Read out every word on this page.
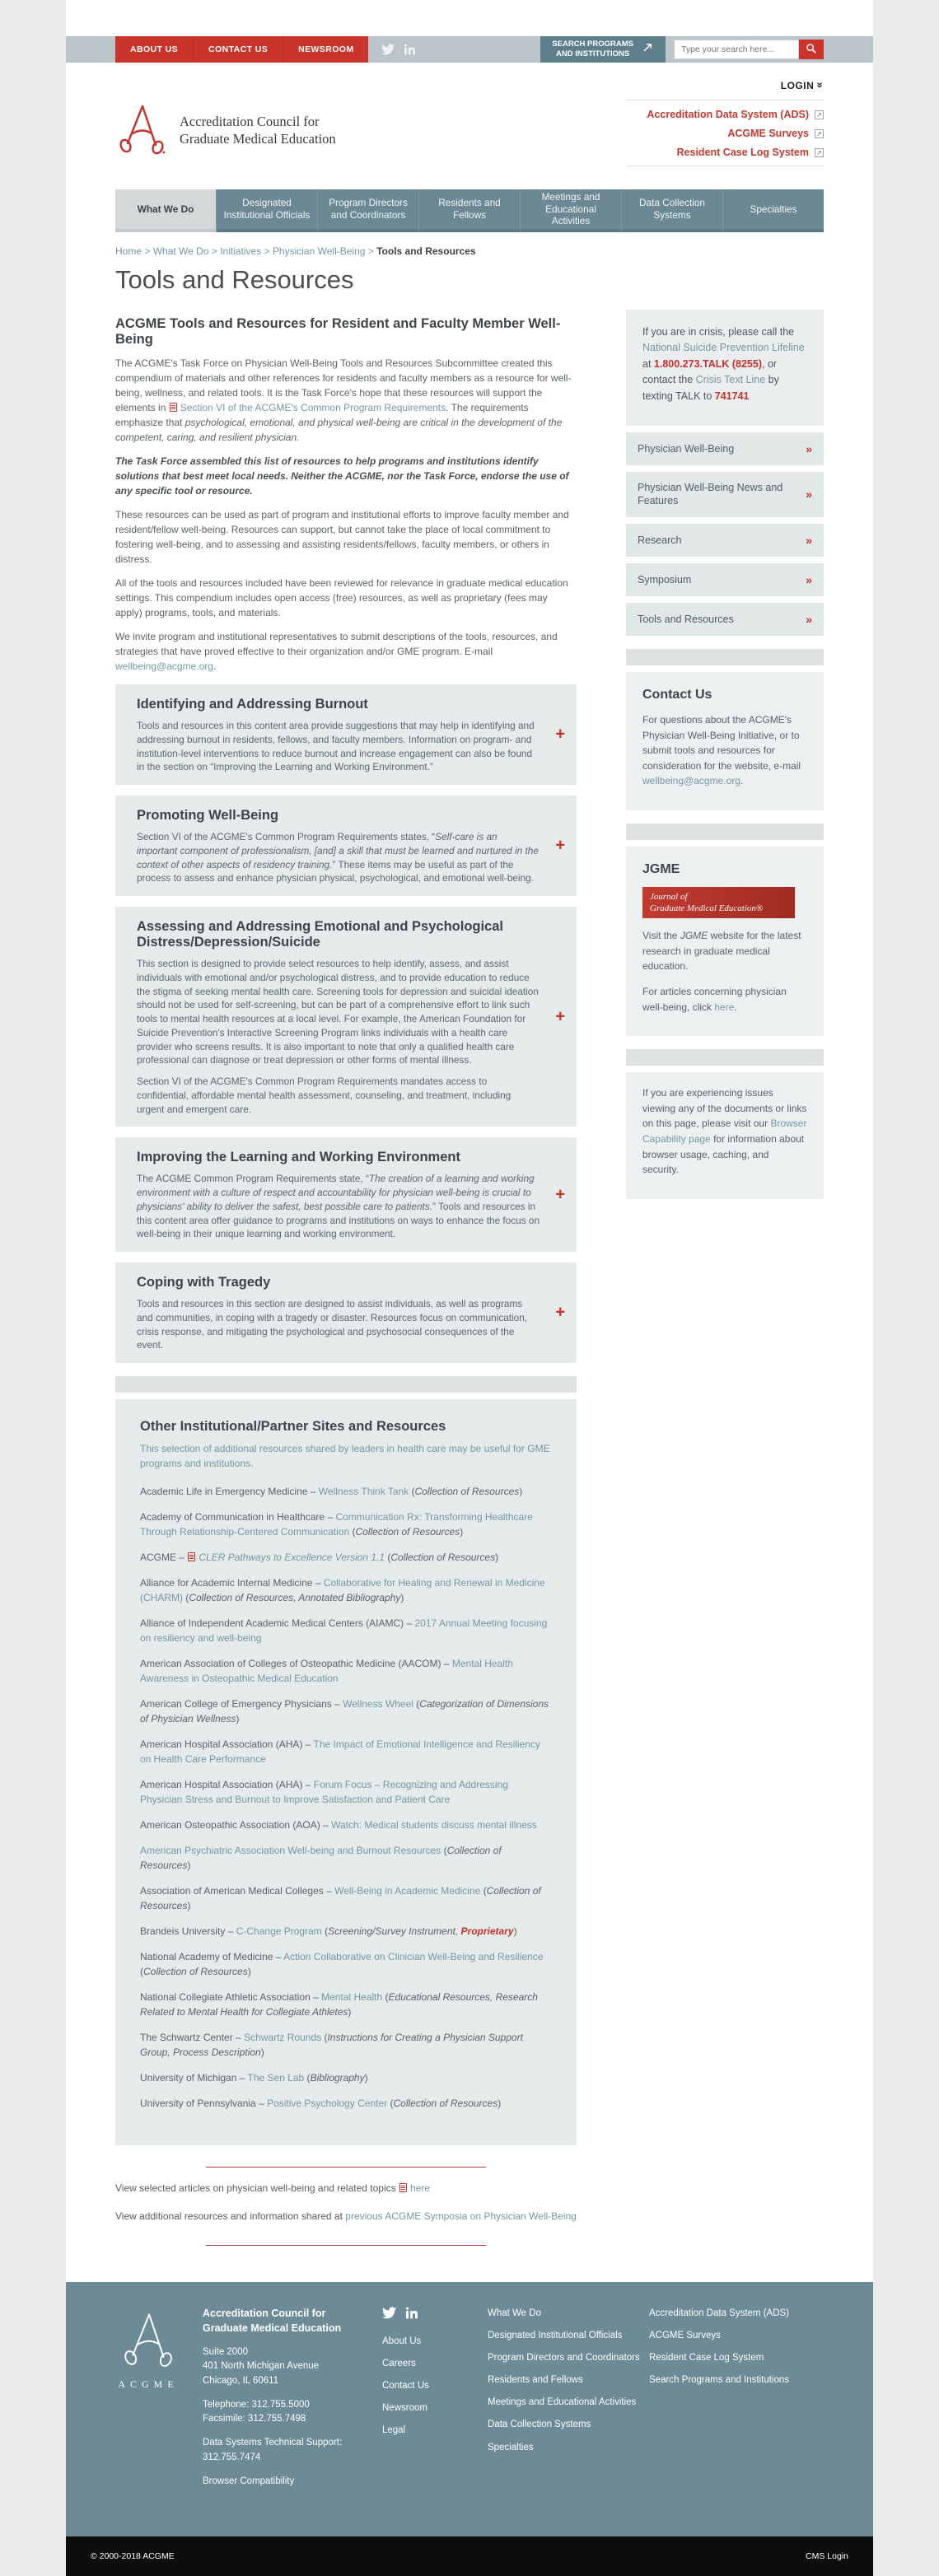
ABOUT US	CONTACT US	NEWSROOM
SEARCH PROGRAMS
AND INSTITUTIONS
Type your search here...
Accreditation Council for
Graduate Medical Education
LOGIN»
Accreditation Data System (ADS) ↗
ACGME Surveys ↗
Resident Case Log System ↗
What We Do
Designated Institutional Officials
Program Directors and Coordinators
Residents and Fellows
Meetings and Educational Activities
Data Collection Systems
Specialties
Home > What We Do > Initiatives > Physician Well-Being > Tools and Resources
Tools and Resources
ACGME Tools and Resources for Resident and Faculty Member Well-Being

The ACGME's Task Force on Physician Well-Being Tools and Resources Subcommittee created this compendium of materials and other references for residents and faculty members as a resource for well-being, wellness, and related tools. It is the Task Force's hope that these resources will support the elements in Section VI of the ACGME's Common Program Requirements. The requirements emphasize that psychological, emotional, and physical well-being are critical in the development of the competent, caring, and resilient physician.

The Task Force assembled this list of resources to help programs and institutions identify solutions that best meet local needs. Neither the ACGME, nor the Task Force, endorse the use of any specific tool or resource.

These resources can be used as part of program and institutional efforts to improve faculty member and resident/fellow well-being. Resources can support, but cannot take the place of local commitment to fostering well-being, and to assessing and assisting residents/fellows, faculty members, or others in distress.

All of the tools and resources included have been reviewed for relevance in graduate medical education settings. This compendium includes open access (free) resources, as well as proprietary (fees may apply) programs, tools, and materials.

We invite program and institutional representatives to submit descriptions of the tools, resources, and strategies that have proved effective to their organization and/or GME program. E-mail wellbeing@acgme.org.

Identifying and Addressing Burnout

Tools and resources in this content area provide suggestions that may help in identifying and addressing burnout in residents, fellows, and faculty members. Information on program- and institution-level interventions to reduce burnout and increase engagement can also be found in the section on “Improving the Learning and Working Environment.”

+
Promoting Well-Being

Section VI of the ACGME's Common Program Requirements states, “Self-care is an important component of professionalism, [and] a skill that must be learned and nurtured in the context of other aspects of residency training.” These items may be useful as part of the process to assess and enhance physician physical, psychological, and emotional well-being.

+
Assessing and Addressing Emotional and Psychological Distress/Depression/Suicide

This section is designed to provide select resources to help identify, assess, and assist individuals with emotional and/or psychological distress, and to provide education to reduce the stigma of seeking mental health care. Screening tools for depression and suicidal ideation should not be used for self-screening, but can be part of a comprehensive effort to link such tools to mental health resources at a local level. For example, the American Foundation for Suicide Prevention's Interactive Screening Program links individuals with a health care provider who screens results. It is also important to note that only a qualified health care professional can diagnose or treat depression or other forms of mental illness.

Section VI of the ACGME's Common Program Requirements mandates access to confidential, affordable mental health assessment, counseling, and treatment, including urgent and emergent care.

+
Improving the Learning and Working Environment

The ACGME Common Program Requirements state, “The creation of a learning and working environment with a culture of respect and accountability for physician well-being is crucial to physicians' ability to deliver the safest, best possible care to patients.” Tools and resources in this content area offer guidance to programs and institutions on ways to enhance the focus on well-being in their unique learning and working environment.

+
Coping with Tragedy

Tools and resources in this section are designed to assist individuals, as well as programs and communities, in coping with a tragedy or disaster. Resources focus on communication, crisis response, and mitigating the psychological and psychosocial consequences of the event.

+
Other Institutional/Partner Sites and Resources

This selection of additional resources shared by leaders in health care may be useful for GME programs and institutions.

Academic Life in Emergency Medicine – Wellness Think Tank (Collection of Resources)

Academy of Communication in Healthcare – Communication Rx: Transforming Healthcare Through Relationship-Centered Communication (Collection of Resources)

ACGME – CLER Pathways to Excellence Version 1.1 (Collection of Resources)

Alliance for Academic Internal Medicine – Collaborative for Healing and Renewal in Medicine (CHARM) (Collection of Resources, Annotated Bibliography)

Alliance of Independent Academic Medical Centers (AIAMC) – 2017 Annual Meeting focusing on resiliency and well-being

American Association of Colleges of Osteopathic Medicine (AACOM) – Mental Health Awareness in Osteopathic Medical Education

American College of Emergency Physicians – Wellness Wheel (Categorization of Dimensions of Physician Wellness)

American Hospital Association (AHA) – The Impact of Emotional Intelligence and Resiliency on Health Care Performance

American Hospital Association (AHA) – Forum Focus – Recognizing and Addressing Physician Stress and Burnout to Improve Satisfaction and Patient Care

American Osteopathic Association (AOA) – Watch: Medical students discuss mental illness

American Psychiatric Association Well-being and Burnout Resources (Collection of Resources)

Association of American Medical Colleges – Well-Being in Academic Medicine (Collection of Resources)

Brandeis University – C-Change Program (Screening/Survey Instrument, Proprietary)

National Academy of Medicine – Action Collaborative on Clinician Well-Being and Resilience (Collection of Resources)

National Collegiate Athletic Association – Mental Health (Educational Resources, Research Related to Mental Health for Collegiate Athletes)

The Schwartz Center – Schwartz Rounds (Instructions for Creating a Physician Support Group, Process Description)

University of Michigan – The Sen Lab (Bibliography)

University of Pennsylvania – Positive Psychology Center (Collection of Resources)

View selected articles on physician well-being and related topics here

View additional resources and information shared at previous ACGME Symposia on Physician Well-Being

If you are in crisis, please call the National Suicide Prevention Lifeline at 1.800.273.TALK (8255), or contact the Crisis Text Line by texting TALK to 741741
Physician Well-Being	»
Physician Well-Being News and Features
»
Research	»
Symposium	»
Tools and Resources	»
Contact Us

For questions about the ACGME's Physician Well-Being Initiative, or to submit tools and resources for consideration for the website, e-mail wellbeing@acgme.org.

JGME
Journal of
Graduate Medical Education®

Visit the JGME website for the latest research in graduate medical education.

For articles concerning physician well-being, click here.

If you are experiencing issues viewing any of the documents or links on this page, please visit our Browser Capability page for information about browser usage, caching, and security.

ACGME

Accreditation Council for
Graduate Medical Education

Suite 2000
401 North Michigan Avenue
Chicago, IL 60611

Telephone: 312.755.5000
Facsimile: 312.755.7498

Data Systems Technical Support:
312.755.7474

Browser Compatibility
About Us
Careers
Contact Us
Newsroom
Legal
What We Do
Designated Institutional Officials
Program Directors and Coordinators
Residents and Fellows
Meetings and Educational Activities
Data Collection Systems
Specialties
Accreditation Data System (ADS)
ACGME Surveys
Resident Case Log System
Search Programs and Institutions
© 2000-2018 ACGME	CMS Login
